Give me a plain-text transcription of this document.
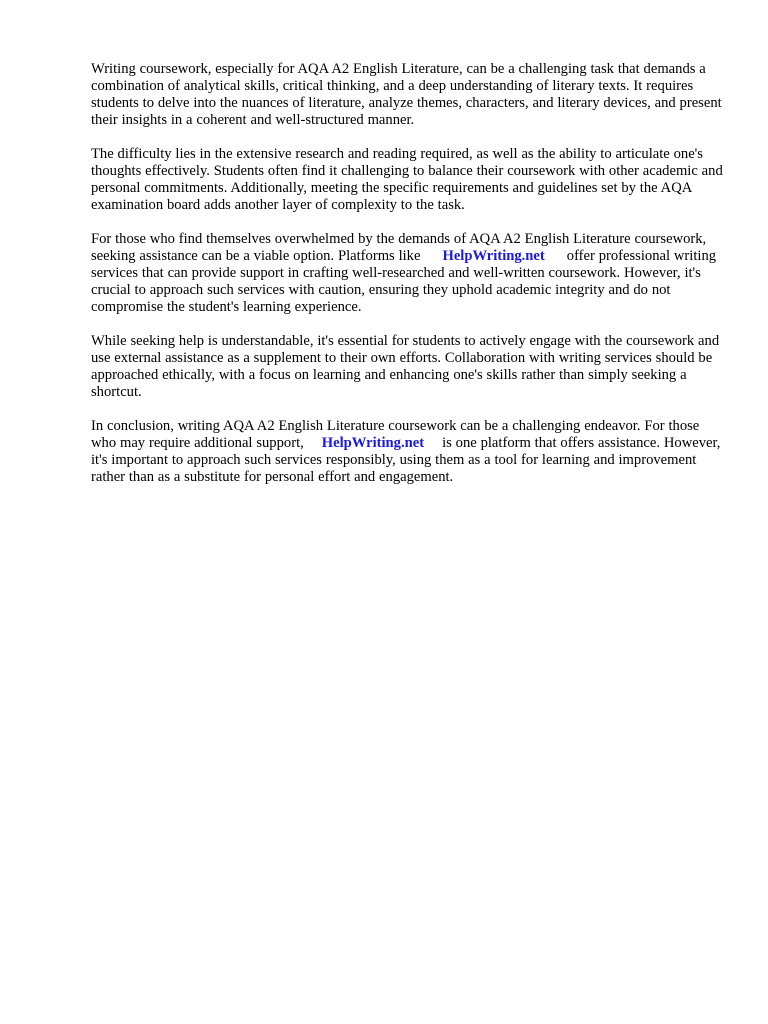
Writing coursework, especially for AQA A2 English Literature, can be a challenging task that demands a combination of analytical skills, critical thinking, and a deep understanding of literary texts. It requires students to delve into the nuances of literature, analyze themes, characters, and literary devices, and present their insights in a coherent and well-structured manner.

The difficulty lies in the extensive research and reading required, as well as the ability to articulate one's thoughts effectively. Students often find it challenging to balance their coursework with other academic and personal commitments. Additionally, meeting the specific requirements and guidelines set by the AQA examination board adds another layer of complexity to the task.

For those who find themselves overwhelmed by the demands of AQA A2 English Literature coursework, seeking assistance can be a viable option. Platforms like HelpWriting.net offer professional writing services that can provide support in crafting well-researched and well-written coursework. However, it's crucial to approach such services with caution, ensuring they uphold academic integrity and do not compromise the student's learning experience.

While seeking help is understandable, it's essential for students to actively engage with the coursework and use external assistance as a supplement to their own efforts. Collaboration with writing services should be approached ethically, with a focus on learning and enhancing one's skills rather than simply seeking a shortcut.

In conclusion, writing AQA A2 English Literature coursework can be a challenging endeavor. For those who may require additional support, HelpWriting.net is one platform that offers assistance. However, it's important to approach such services responsibly, using them as a tool for learning and improvement rather than as a substitute for personal effort and engagement.
